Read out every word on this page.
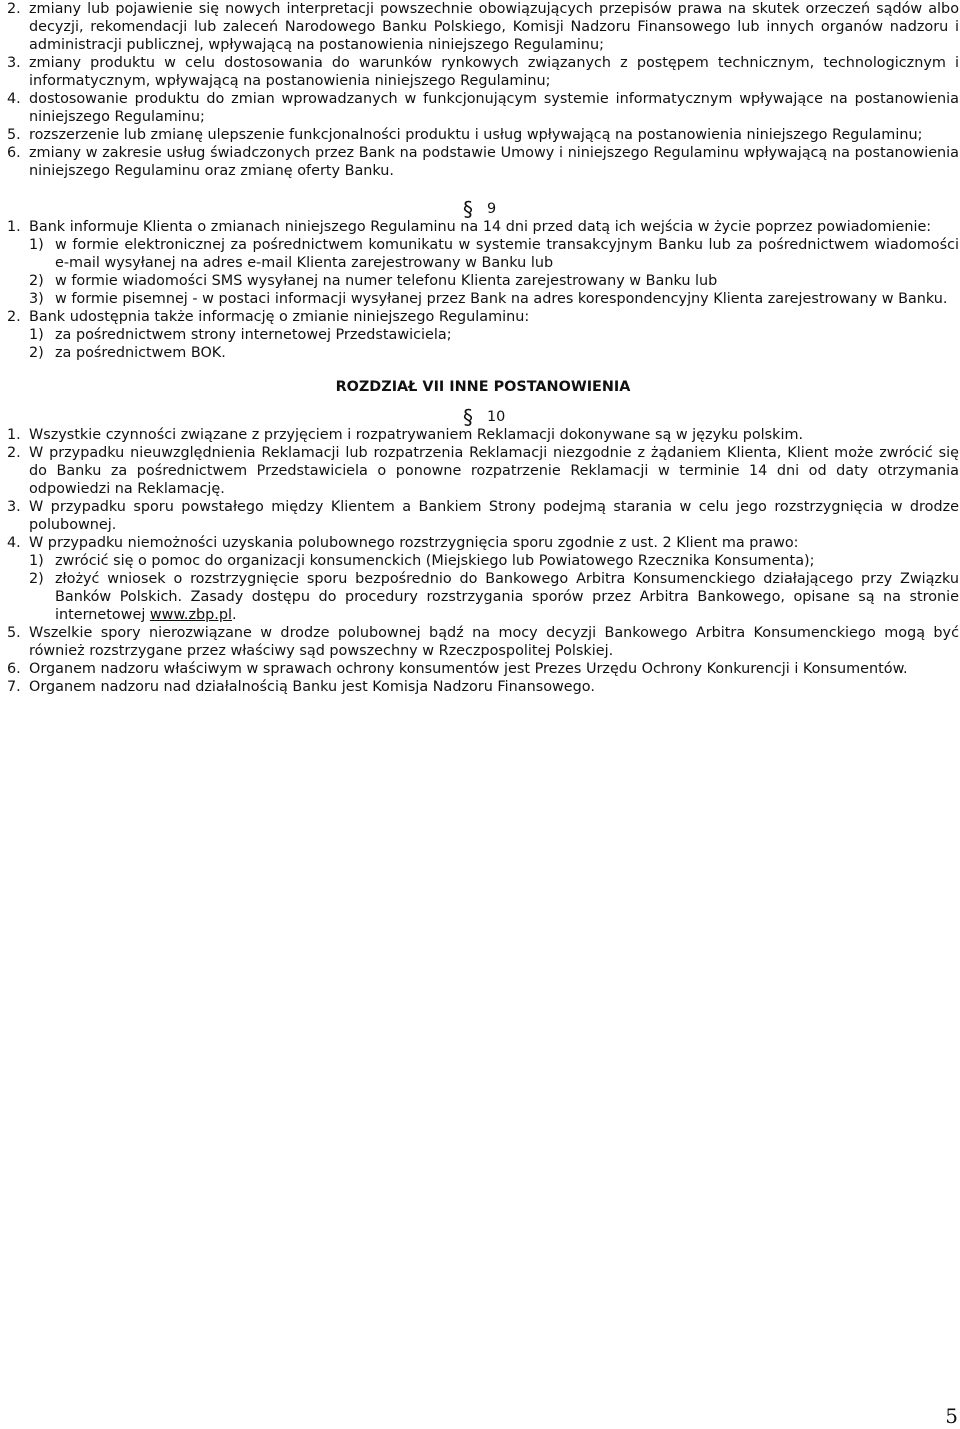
2. zmiany lub pojawienie się nowych interpretacji powszechnie obowiązujących przepisów prawa na skutek orzeczeń sądów albo decyzji, rekomendacji lub zaleceń Narodowego Banku Polskiego, Komisji Nadzoru Finansowego lub innych organów nadzoru i administracji publicznej, wpływającą na postanowienia niniejszego Regulaminu;
3. zmiany produktu w celu dostosowania do warunków rynkowych związanych z postępem technicznym, technologicznym i informatycznym, wpływającą na postanowienia niniejszego Regulaminu;
4. dostosowanie produktu do zmian wprowadzanych w funkcjonującym systemie informatycznym wpływające na postanowienia niniejszego Regulaminu;
5. rozszerzenie lub zmianę ulepszenie funkcjonalności produktu i usług wpływającą na postanowienia niniejszego Regulaminu;
6. zmiany w zakresie usług świadczonych przez Bank na podstawie Umowy i niniejszego Regulaminu wpływającą na postanowienia niniejszego Regulaminu oraz zmianę oferty Banku.
§ 9
1. Bank informuje Klienta o zmianach niniejszego Regulaminu na 14 dni przed datą ich wejścia w życie poprzez powiadomienie:
1) w formie elektronicznej za pośrednictwem komunikatu w systemie transakcyjnym Banku lub za pośrednictwem wiadomości e-mail wysyłanej na adres e-mail Klienta zarejestrowany w Banku lub
2) w formie wiadomości SMS wysyłanej na numer telefonu Klienta zarejestrowany w Banku lub
3) w formie pisemnej - w postaci informacji wysyłanej przez Bank na adres korespondencyjny Klienta zarejestrowany w Banku.
2. Bank udostępnia także informację o zmianie niniejszego Regulaminu:
1) za pośrednictwem strony internetowej Przedstawiciela;
2) za pośrednictwem BOK.

ROZDZIAŁ VII INNE POSTANOWIENIA

§ 10
1. Wszystkie czynności związane z przyjęciem i rozpatrywaniem Reklamacji dokonywane są w języku polskim.
2. W przypadku nieuwzględnienia Reklamacji lub rozpatrzenia Reklamacji niezgodnie z żądaniem Klienta, Klient może zwrócić się do Banku za pośrednictwem Przedstawiciela o ponowne rozpatrzenie Reklamacji w terminie 14 dni od daty otrzymania odpowiedzi na Reklamację.
3. W przypadku sporu powstałego między Klientem a Bankiem Strony podejmą starania w celu jego rozstrzygnięcia w drodze polubownej.
4. W przypadku niemożności uzyskania polubownego rozstrzygnięcia sporu zgodnie z ust. 2 Klient ma prawo:
1) zwrócić się o pomoc do organizacji konsumenckich (Miejskiego lub Powiatowego Rzecznika Konsumenta);
2) złożyć wniosek o rozstrzygnięcie sporu bezpośrednio do Bankowego Arbitra Konsumenckiego działającego przy Związku Banków Polskich. Zasady dostępu do procedury rozstrzygania sporów przez Arbitra Bankowego, opisane są na stronie internetowej www.zbp.pl.
5. Wszelkie spory nierozwiązane w drodze polubownej bądź na mocy decyzji Bankowego Arbitra Konsumenckiego mogą być również rozstrzygane przez właściwy sąd powszechny w Rzeczpospolitej Polskiej.
6. Organem nadzoru właściwym w sprawach ochrony konsumentów jest Prezes Urzędu Ochrony Konkurencji i Konsumentów.
7. Organem nadzoru nad działalnością Banku jest Komisja Nadzoru Finansowego.
5
